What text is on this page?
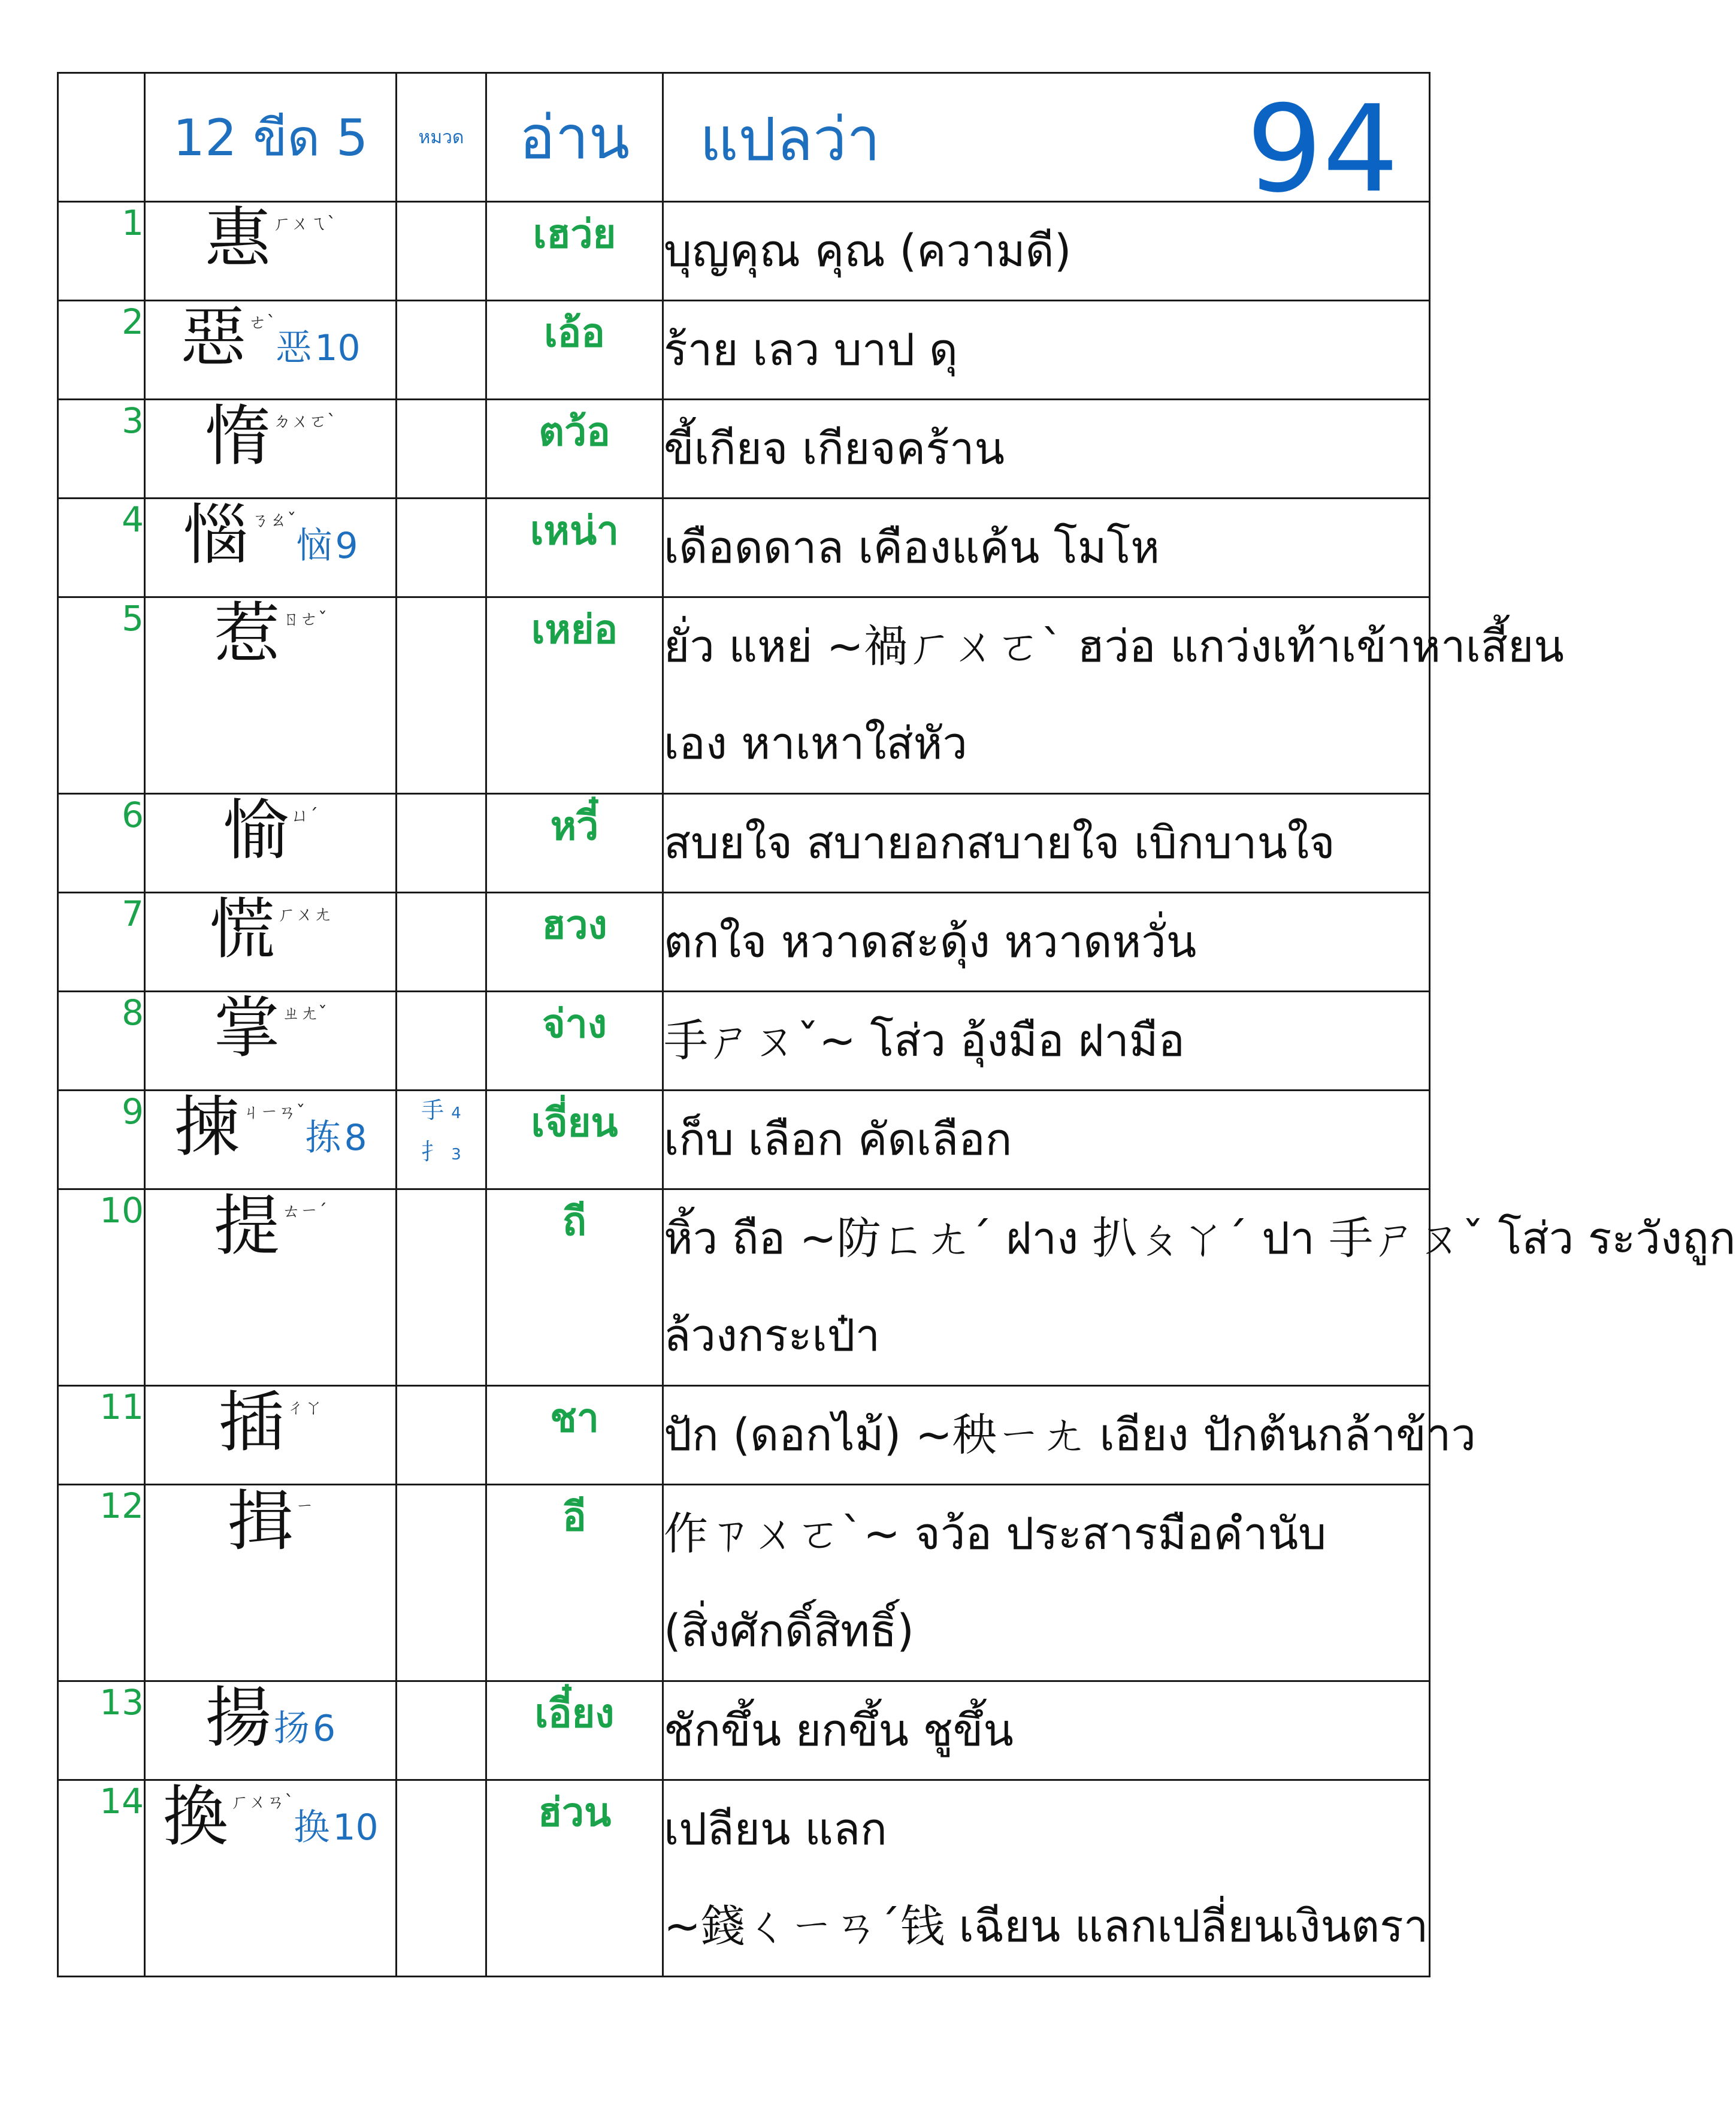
	12 ขีด 5	หมวด	อ่าน	แปลว่า 94

1	惠 ㄏㄨㄟˋ		เฮว่ย	บุญคุณ คุณ (ความดี)

2	惡 ㄜˋ恶 10		เอ้อ	ร้าย เลว บาป ดุ

3	惰 ㄉㄨㄛˋ		ตว้อ	ขี้เกียจ เกียจคร้าน

4	惱 ㄋㄠˇ恼 9		เหน่า	เดือดดาล เคืองแค้น โมโห

5	惹 ㄖㄜˇ		เหย่อ	ยั่ว แหย่ ~禍ㄏㄨㄛˋ ฮว่อ แกว่งเท้าเข้าหาเสี้ยน
เอง หาเหาใส่หัว

6	愉 ㄩˊ		หวี๋	สบยใจ สบายอกสบายใจ เบิกบานใจ

7	慌 ㄏㄨㄤ		ฮวง	ตกใจ หวาดสะดุ้ง หวาดหวั่น

8	掌 ㄓㄤˇ		จ่าง	手ㄕㄡˇ~ โส่ว อุ้งมือ ฝามือ

9	揀 ㄐㄧㄢˇ拣 8	手 4
扌 3	เจี่ยน	เก็บ เลือก คัดเลือก

10	提 ㄊㄧˊ		ถี	หิ้ว ถือ ~防ㄈㄤˊ ฝาง 扒ㄆㄚˊ ปา 手ㄕㄡˇ โส่ว ระวังถูก
ล้วงกระเป๋า

11	插 ㄔㄚ		ชา	ปัก (ดอกไม้) ~秧ㄧㄤ เอียง ปักต้นกล้าข้าว

12	揖 ㄧ		อี	作ㄗㄨㄛˋ~ จว้อ ประสารมือคำนับ
(สิ่งศักดิ์สิทธิ์)

13	揚扬 6		เอี๋ยง	ชักขึ้น ยกขึ้น ชูขึ้น

14	換 ㄏㄨㄢˋ换 10		ฮ่วน	เปลียน แลก
~錢ㄑㄧㄢˊ钱 เฉียน แลกเปลี่ยนเงินตรา
